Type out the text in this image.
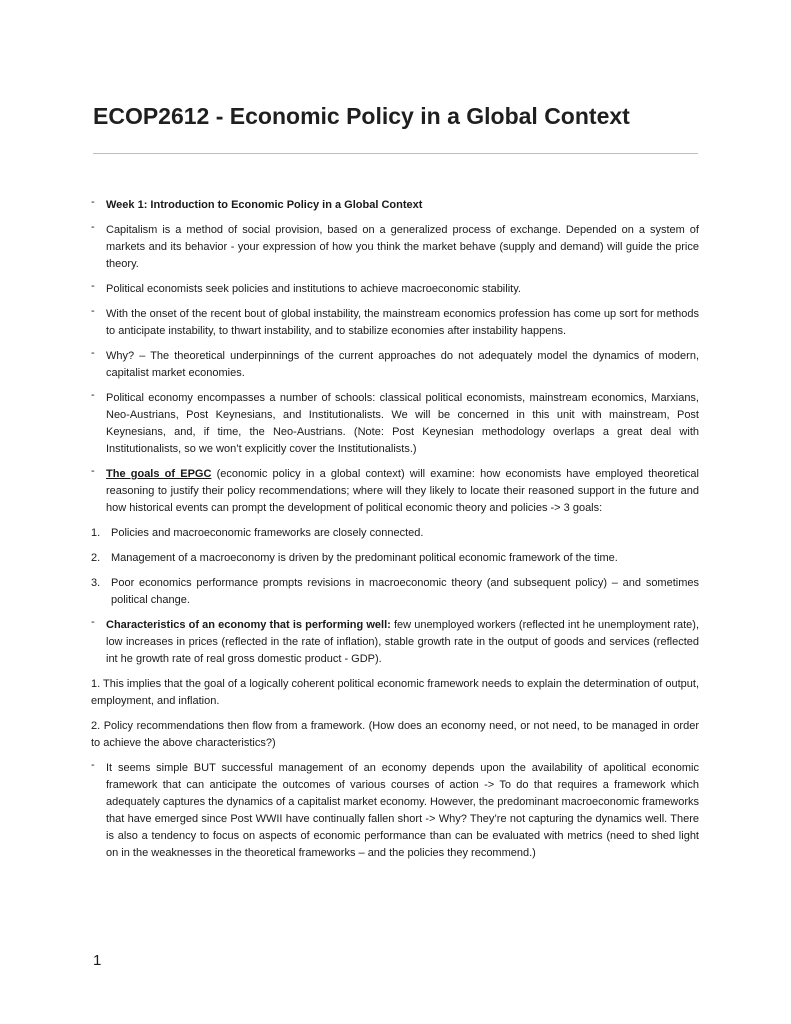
ECOP2612 - Economic Policy in a Global Context
- Week 1: Introduction to Economic Policy in a Global Context
- Capitalism is a method of social provision, based on a generalized process of exchange. Depended on a system of markets and its behavior - your expression of how you think the market behave (supply and demand) will guide the price theory.
- Political economists seek policies and institutions to achieve macroeconomic stability.
- With the onset of the recent bout of global instability, the mainstream economics profession has come up sort for methods to anticipate instability, to thwart instability, and to stabilize economies after instability happens.
- Why? – The theoretical underpinnings of the current approaches do not adequately model the dynamics of modern, capitalist market economies.
- Political economy encompasses a number of schools: classical political economists, mainstream economics, Marxians, Neo-Austrians, Post Keynesians, and Institutionalists. We will be concerned in this unit with mainstream, Post Keynesians, and, if time, the Neo-Austrians. (Note: Post Keynesian methodology overlaps a great deal with Institutionalists, so we won’t explicitly cover the Institutionalists.)
- The goals of EPGC (economic policy in a global context) will examine: how economists have employed theoretical reasoning to justify their policy recommendations; where will they likely to locate their reasoned support in the future and how historical events can prompt the development of political economic theory and policies -> 3 goals:
1. Policies and macroeconomic frameworks are closely connected.
2. Management of a macroeconomy is driven by the predominant political economic framework of the time.
3. Poor economics performance prompts revisions in macroeconomic theory (and subsequent policy) – and sometimes political change.
- Characteristics of an economy that is performing well: few unemployed workers (reflected int he unemployment rate), low increases in prices (reflected in the rate of inflation), stable growth rate in the output of goods and services (reflected int he growth rate of real gross domestic product - GDP).

1. This implies that the goal of a logically coherent political economic framework needs to explain the determination of output, employment, and inflation.

2. Policy recommendations then flow from a framework. (How does an economy need, or not need, to be managed in order to achieve the above characteristics?)

- It seems simple BUT successful management of an economy depends upon the availability of apolitical economic framework that can anticipate the outcomes of various courses of action -> To do that requires a framework which adequately captures the dynamics of a capitalist market economy. However, the predominant macroeconomic frameworks that have emerged since Post WWII have continually fallen short -> Why? They’re not capturing the dynamics well. There is also a tendency to focus on aspects of economic performance than can be evaluated with metrics (need to shed light on in the weaknesses in the theoretical frameworks – and the policies they recommend.)
1
